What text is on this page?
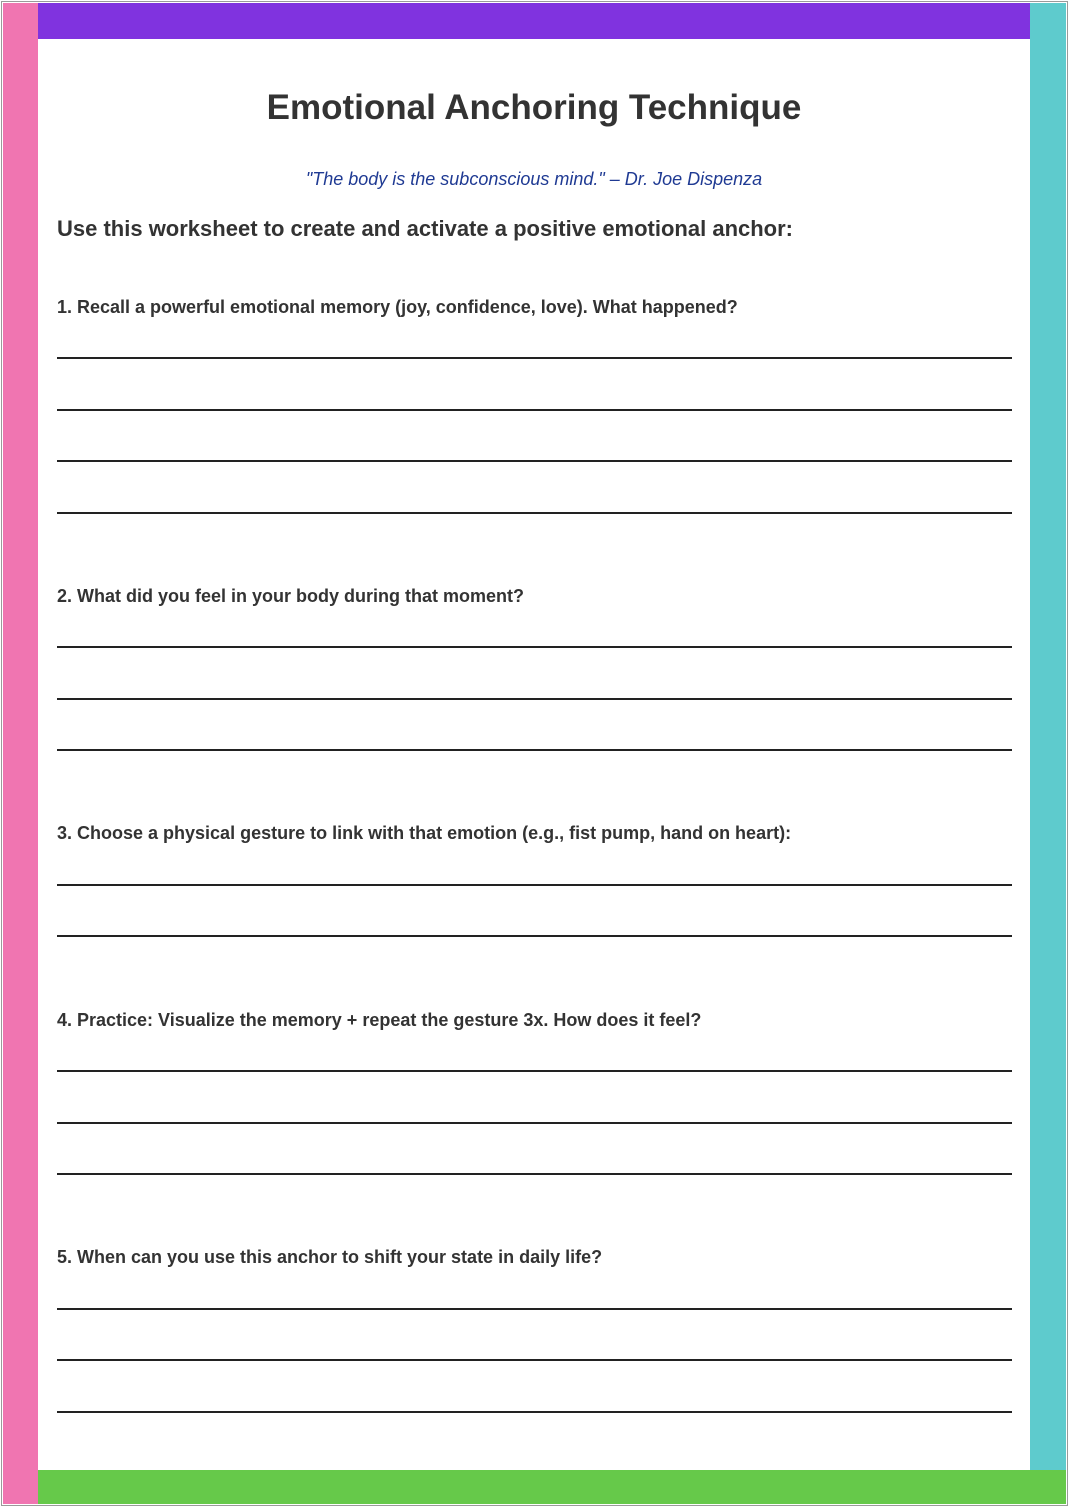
Emotional Anchoring Technique

"The body is the subconscious mind." – Dr. Joe Dispenza

Use this worksheet to create and activate a positive emotional anchor:

1. Recall a powerful emotional memory (joy, confidence, love). What happened?

2. What did you feel in your body during that moment?

3. Choose a physical gesture to link with that emotion (e.g., fist pump, hand on heart):

4. Practice: Visualize the memory + repeat the gesture 3x. How does it feel?

5. When can you use this anchor to shift your state in daily life?
